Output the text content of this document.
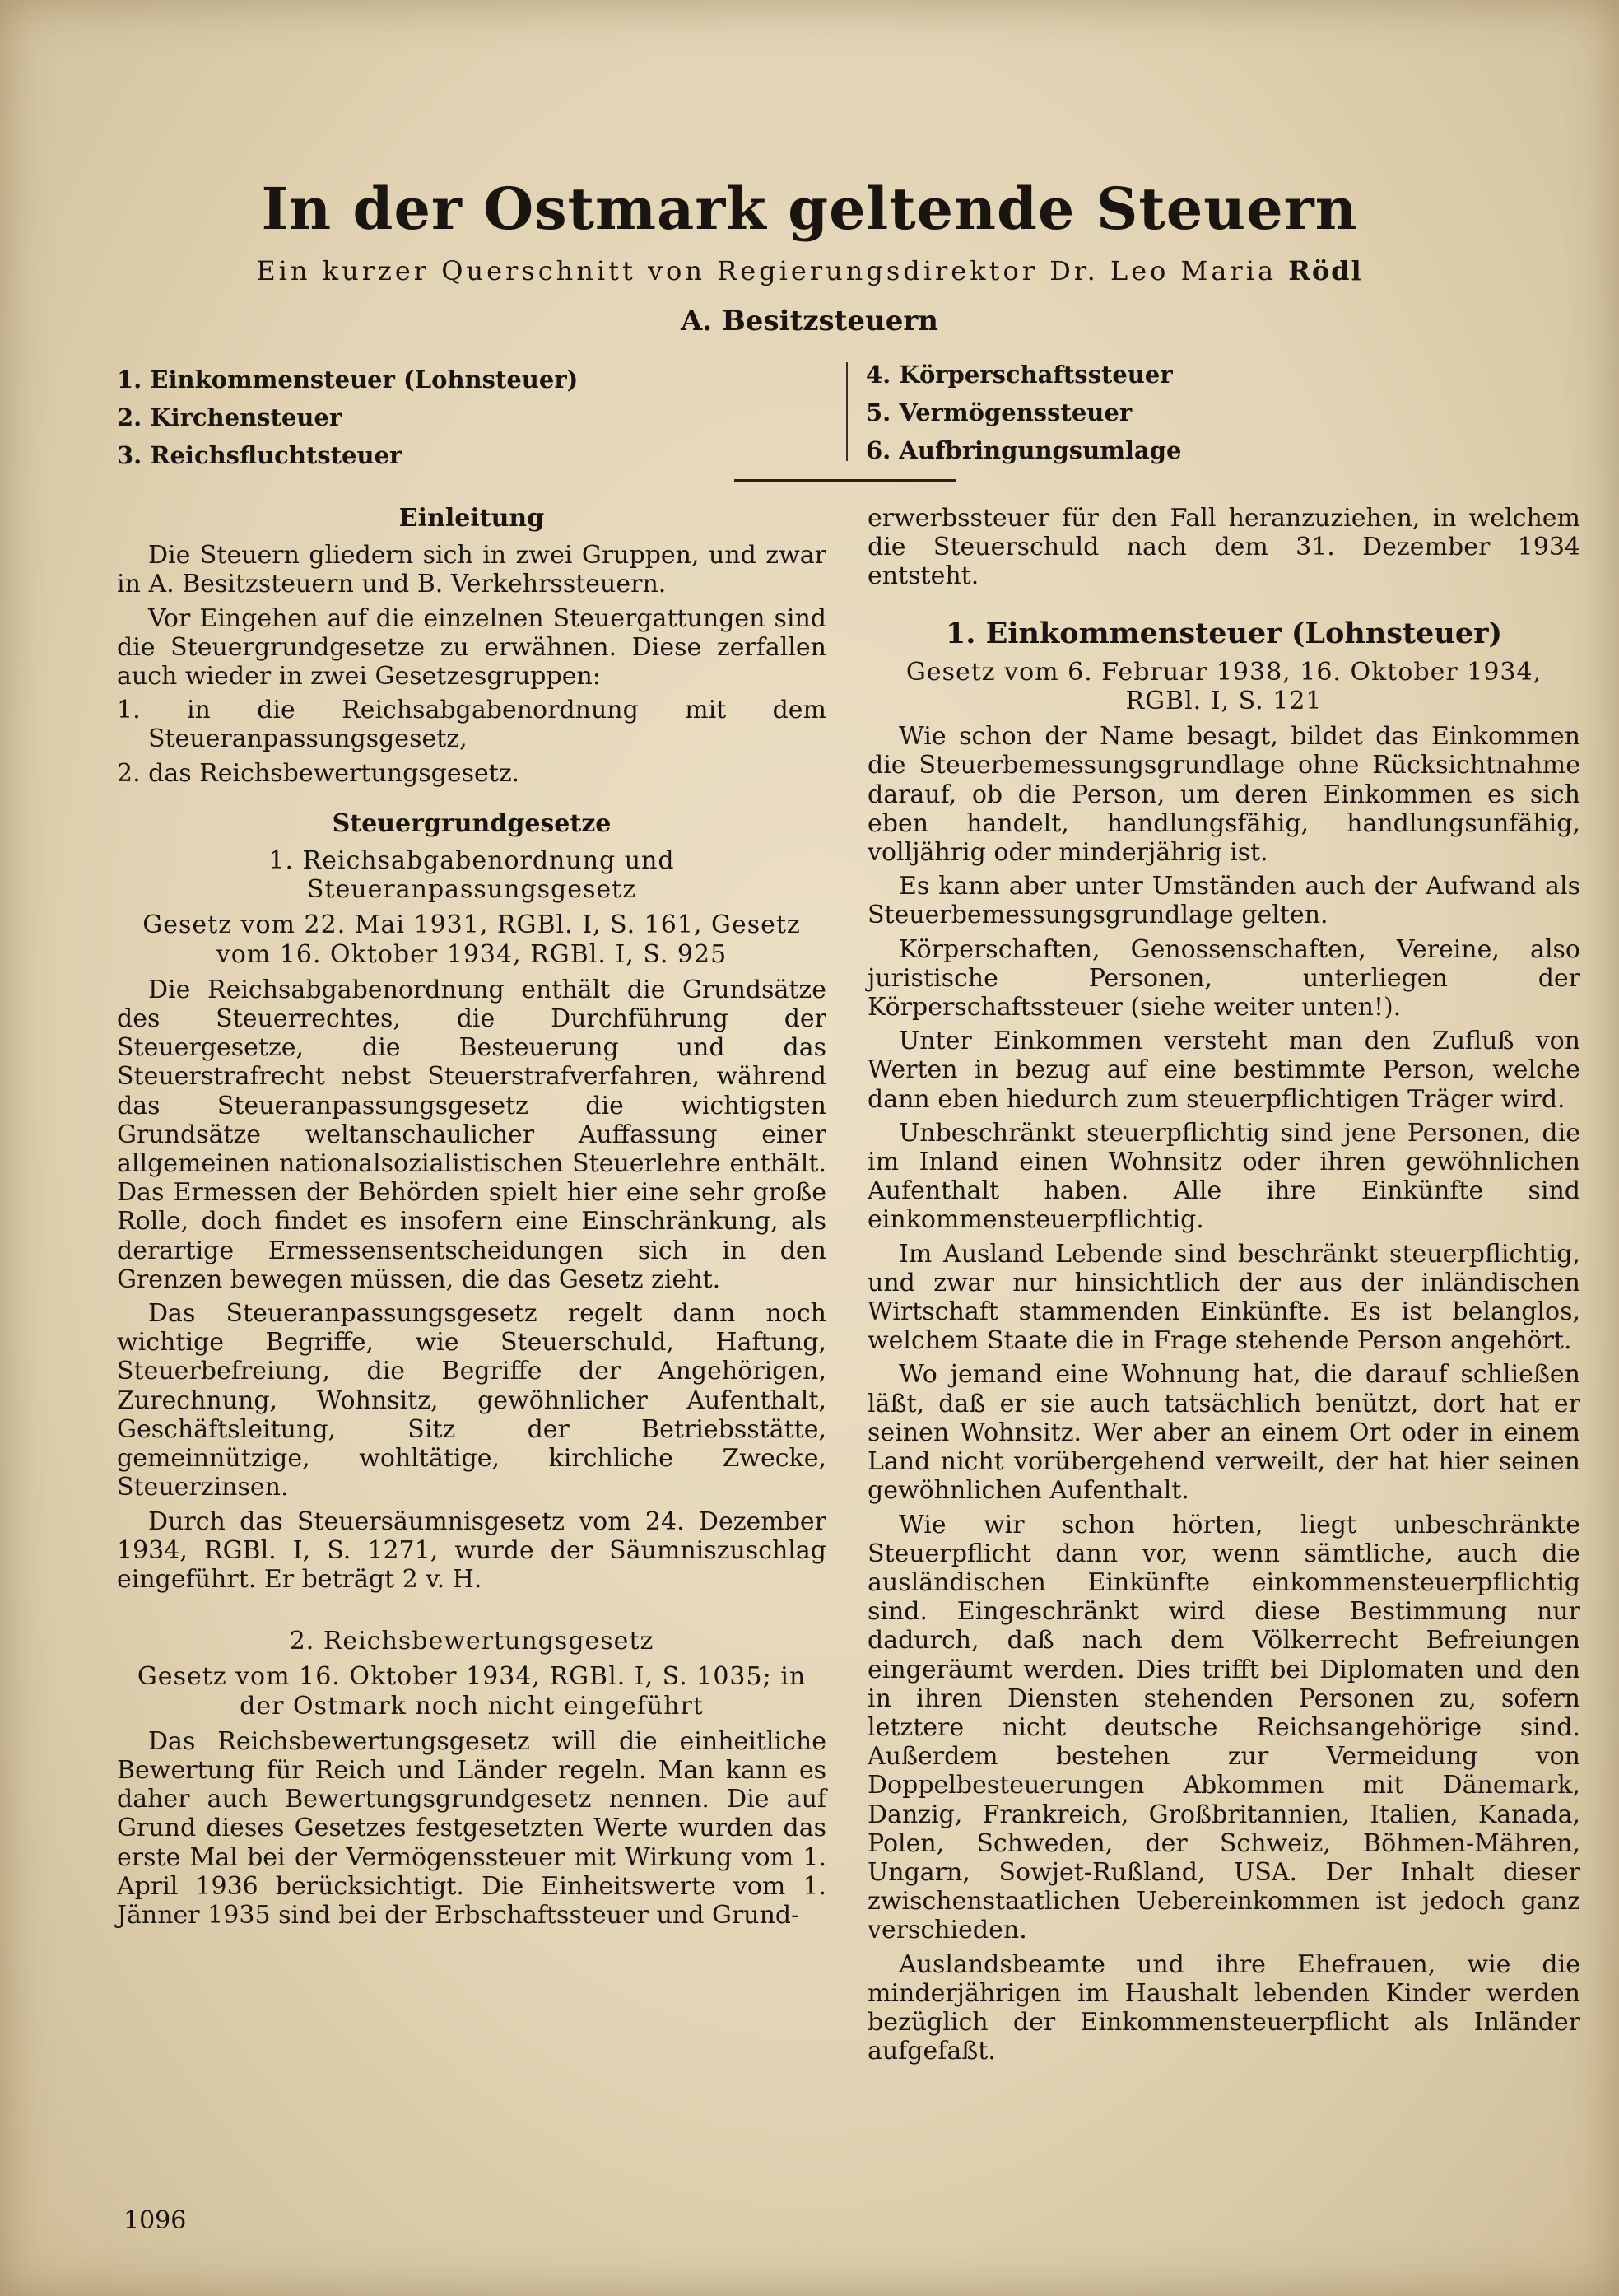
In der Ostmark geltende Steuern
Ein kurzer Querschnitt von Regierungsdirektor Dr. Leo Maria Rödl
A. Besitzsteuern
1. Einkommensteuer (Lohnsteuer)
2. Kirchensteuer
3. Reichsfluchtsteuer
4. Körperschaftssteuer
5. Vermögenssteuer
6. Aufbringungsumlage

Einleitung

Die Steuern gliedern sich in zwei Gruppen, und zwar in A. Besitzsteuern und B. Verkehrssteuern.

Vor Eingehen auf die einzelnen Steuergattungen sind die Steuergrundgesetze zu erwähnen. Diese zerfallen auch wieder in zwei Gesetzesgruppen:

1. in die Reichsabgabenordnung mit dem Steueranpassungsgesetz,

2. das Reichsbewertungsgesetz.

Steuergrundgesetze

1. Reichsabgabenordnung und Steueranpassungsgesetz

Gesetz vom 22. Mai 1931, RGBl. I, S. 161, Gesetz vom 16. Oktober 1934, RGBl. I, S. 925

Die Reichsabgabenordnung enthält die Grundsätze des Steuerrechtes, die Durchführung der Steuergesetze, die Besteuerung und das Steuerstrafrecht nebst Steuerstrafverfahren, während das Steueranpassungsgesetz die wichtigsten Grundsätze weltanschaulicher Auffassung einer allgemeinen nationalsozialistischen Steuerlehre enthält. Das Ermessen der Behörden spielt hier eine sehr große Rolle, doch findet es insofern eine Einschränkung, als derartige Ermessensentscheidungen sich in den Grenzen bewegen müssen, die das Gesetz zieht.

Das Steueranpassungsgesetz regelt dann noch wichtige Begriffe, wie Steuerschuld, Haftung, Steuerbefreiung, die Begriffe der Angehörigen, Zurechnung, Wohnsitz, gewöhnlicher Aufenthalt, Geschäftsleitung, Sitz der Betriebsstätte, gemeinnützige, wohltätige, kirchliche Zwecke, Steuerzinsen.

Durch das Steuersäumnisgesetz vom 24. Dezember 1934, RGBl. I, S. 1271, wurde der Säumniszuschlag eingeführt. Er beträgt 2 v. H.

2. Reichsbewertungsgesetz

Gesetz vom 16. Oktober 1934, RGBl. I, S. 1035; in der Ostmark noch nicht eingeführt

Das Reichsbewertungsgesetz will die einheitliche Bewertung für Reich und Länder regeln. Man kann es daher auch Bewertungsgrundgesetz nennen. Die auf Grund dieses Gesetzes festgesetzten Werte wurden das erste Mal bei der Vermögenssteuer mit Wirkung vom 1. April 1936 berücksichtigt. Die Einheitswerte vom 1. Jänner 1935 sind bei der Erbschaftssteuer und Grund-

erwerbssteuer für den Fall heranzuziehen, in welchem die Steuerschuld nach dem 31. Dezember 1934 entsteht.

1. Einkommensteuer (Lohnsteuer)

Gesetz vom 6. Februar 1938, 16. Oktober 1934, RGBl. I, S. 121

Wie schon der Name besagt, bildet das Einkommen die Steuerbemessungsgrundlage ohne Rücksichtnahme darauf, ob die Person, um deren Einkommen es sich eben handelt, handlungsfähig, handlungsunfähig, volljährig oder minderjährig ist.

Es kann aber unter Umständen auch der Aufwand als Steuerbemessungsgrundlage gelten.

Körperschaften, Genossenschaften, Vereine, also juristische Personen, unterliegen der Körperschaftssteuer (siehe weiter unten!).

Unter Einkommen versteht man den Zufluß von Werten in bezug auf eine bestimmte Person, welche dann eben hiedurch zum steuerpflichtigen Träger wird.

Unbeschränkt steuerpflichtig sind jene Personen, die im Inland einen Wohnsitz oder ihren gewöhnlichen Aufenthalt haben. Alle ihre Einkünfte sind einkommensteuerpflichtig.

Im Ausland Lebende sind beschränkt steuerpflichtig, und zwar nur hinsichtlich der aus der inländischen Wirtschaft stammenden Einkünfte. Es ist belanglos, welchem Staate die in Frage stehende Person angehört.

Wo jemand eine Wohnung hat, die darauf schließen läßt, daß er sie auch tatsächlich benützt, dort hat er seinen Wohnsitz. Wer aber an einem Ort oder in einem Land nicht vorübergehend verweilt, der hat hier seinen gewöhnlichen Aufenthalt.

Wie wir schon hörten, liegt unbeschränkte Steuerpflicht dann vor, wenn sämtliche, auch die ausländischen Einkünfte einkommensteuerpflichtig sind. Eingeschränkt wird diese Bestimmung nur dadurch, daß nach dem Völkerrecht Befreiungen eingeräumt werden. Dies trifft bei Diplomaten und den in ihren Diensten stehenden Personen zu, sofern letztere nicht deutsche Reichsangehörige sind. Außerdem bestehen zur Vermeidung von Doppelbesteuerungen Abkommen mit Dänemark, Danzig, Frankreich, Großbritannien, Italien, Kanada, Polen, Schweden, der Schweiz, Böhmen-Mähren, Ungarn, Sowjet-Rußland, USA. Der Inhalt dieser zwischenstaatlichen Uebereinkommen ist jedoch ganz verschieden.

Auslandsbeamte und ihre Ehefrauen, wie die minderjährigen im Haushalt lebenden Kinder werden bezüglich der Einkommensteuerpflicht als Inländer aufgefaßt.

1096
